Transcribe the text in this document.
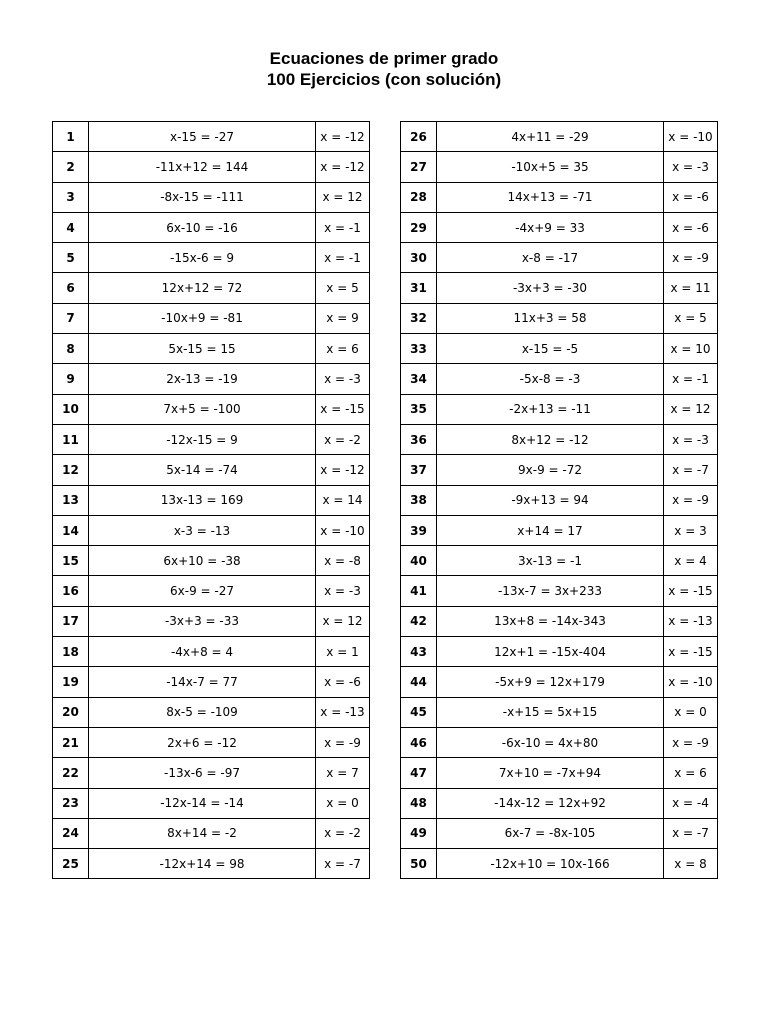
Ecuaciones de primer grado
100 Ejercicios (con solución)
1	x-15 = -27	x = -12
2	-11x+12 = 144	x = -12
3	-8x-15 = -111	x = 12
4	6x-10 = -16	x = -1
5	-15x-6 = 9	x = -1
6	12x+12 = 72	x = 5
7	-10x+9 = -81	x = 9
8	5x-15 = 15	x = 6
9	2x-13 = -19	x = -3
10	7x+5 = -100	x = -15
11	-12x-15 = 9	x = -2
12	5x-14 = -74	x = -12
13	13x-13 = 169	x = 14
14	x-3 = -13	x = -10
15	6x+10 = -38	x = -8
16	6x-9 = -27	x = -3
17	-3x+3 = -33	x = 12
18	-4x+8 = 4	x = 1
19	-14x-7 = 77	x = -6
20	8x-5 = -109	x = -13
21	2x+6 = -12	x = -9
22	-13x-6 = -97	x = 7
23	-12x-14 = -14	x = 0
24	8x+14 = -2	x = -2
25	-12x+14 = 98	x = -7
26	4x+11 = -29	x = -10
27	-10x+5 = 35	x = -3
28	14x+13 = -71	x = -6
29	-4x+9 = 33	x = -6
30	x-8 = -17	x = -9
31	-3x+3 = -30	x = 11
32	11x+3 = 58	x = 5
33	x-15 = -5	x = 10
34	-5x-8 = -3	x = -1
35	-2x+13 = -11	x = 12
36	8x+12 = -12	x = -3
37	9x-9 = -72	x = -7
38	-9x+13 = 94	x = -9
39	x+14 = 17	x = 3
40	3x-13 = -1	x = 4
41	-13x-7 = 3x+233	x = -15
42	13x+8 = -14x-343	x = -13
43	12x+1 = -15x-404	x = -15
44	-5x+9 = 12x+179	x = -10
45	-x+15 = 5x+15	x = 0
46	-6x-10 = 4x+80	x = -9
47	7x+10 = -7x+94	x = 6
48	-14x-12 = 12x+92	x = -4
49	6x-7 = -8x-105	x = -7
50	-12x+10 = 10x-166	x = 8
